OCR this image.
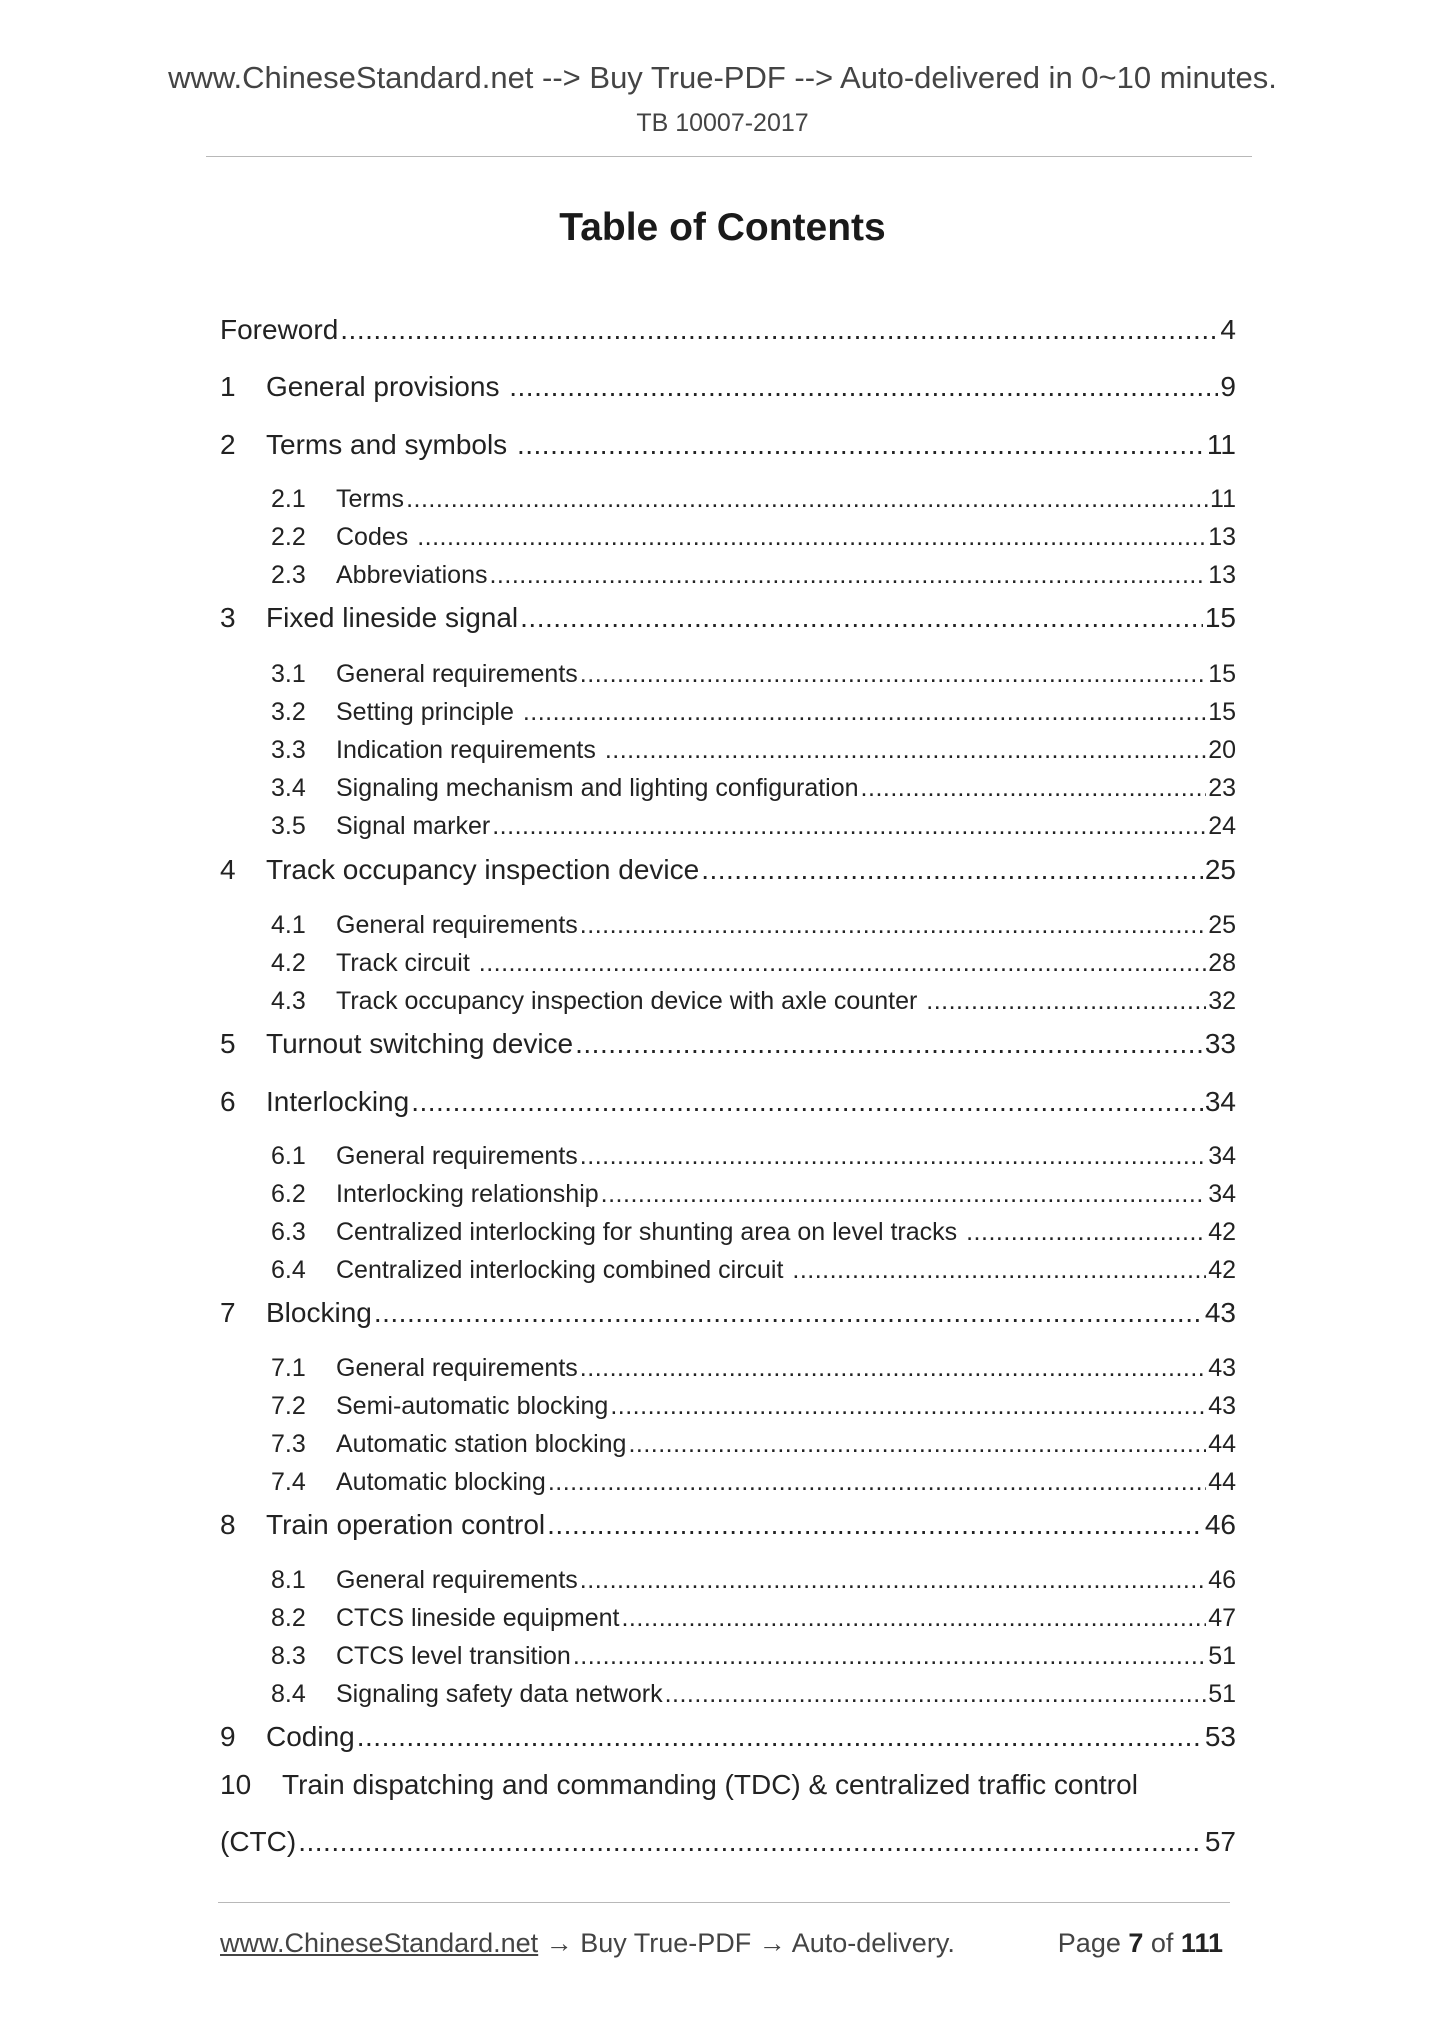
www.ChineseStandard.net --> Buy True-PDF --> Auto-delivered in 0~10 minutes.
TB 10007-2017
Table of Contents
Foreword .....	4
1	General provisions .....	9
2	Terms and symbols .....	11
2.1	Terms .....	11
2.2	Codes .....	13
2.3	Abbreviations .....	13
3	Fixed lineside signal .....	15
3.1	General requirements .....	15
3.2	Setting principle .....	15
3.3	Indication requirements .....	20
3.4	Signaling mechanism and lighting configuration .....	23
3.5	Signal marker .....	24
4	Track occupancy inspection device .....	25
4.1	General requirements .....	25
4.2	Track circuit .....	28
4.3	Track occupancy inspection device with axle counter .....	32
5	Turnout switching device .....	33
6	Interlocking .....	34
6.1	General requirements .....	34
6.2	Interlocking relationship .....	34
6.3	Centralized interlocking for shunting area on level tracks .....	42
6.4	Centralized interlocking combined circuit .....	42
7	Blocking .....	43
7.1	General requirements .....	43
7.2	Semi-automatic blocking .....	43
7.3	Automatic station blocking .....	44
7.4	Automatic blocking .....	44
8	Train operation control .....	46
8.1	General requirements .....	46
8.2	CTCS lineside equipment .....	47
8.3	CTCS level transition .....	51
8.4	Signaling safety data network .....	51
9	Coding .....	53
10 Train dispatching and commanding (TDC) & centralized traffic control
(CTC) .....	57
www.ChineseStandard.net → Buy True-PDF → Auto-delivery.	Page 7 of 111
